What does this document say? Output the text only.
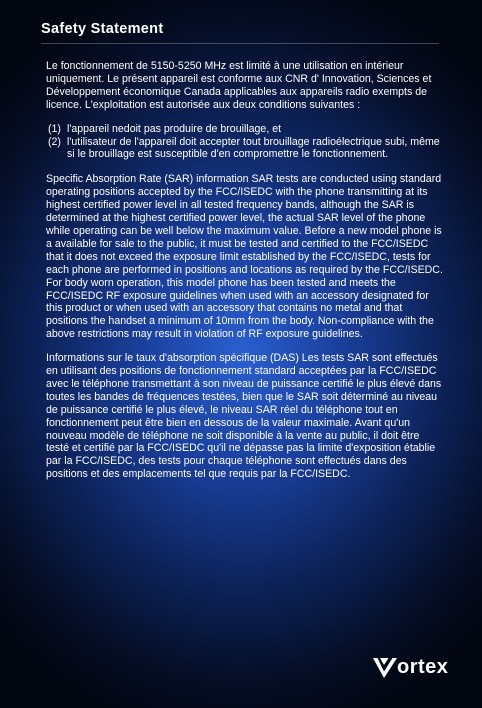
Safety Statement

Le fonctionnement de 5150-5250 MHz est limité à une utilisation en intérieur uniquement. Le présent appareil est conforme aux CNR d' Innovation, Sciences et Développement économique Canada applicables aux appareils radio exempts de licence. L'exploitation est autorisée aux deux conditions suivantes :

(1) l'appareil nedoit pas produire de brouillage, et
(2) l'utilisateur de l'appareil doit accepter tout brouillage radioélectrique subi, même si le brouillage est susceptible d'en compromettre le fonctionnement.

Specific Absorption Rate (SAR) information SAR tests are conducted using standard operating positions accepted by the FCC/ISEDC with the phone transmitting at its highest certified power level in all tested frequency bands, although the SAR is determined at the highest certified power level, the actual SAR level of the phone while operating can be well below the maximum value. Before a new model phone is a available for sale to the public, it must be tested and certified to the FCC/ISEDC that it does not exceed the exposure limit established by the FCC/ISEDC, tests for each phone are performed in positions and locations as required by the FCC/ISEDC. For body worn operation, this model phone has been tested and meets the FCC/ISEDC RF exposure guidelines when used with an accessory designated for this product or when used with an accessory that contains no metal and that positions the handset a minimum of 10mm from the body. Non-compliance with the above restrictions may result in violation of RF exposure guidelines.

Informations sur le taux d'absorption spécifique (DAS) Les tests SAR sont effectués en utilisant des positions de fonctionnement standard acceptées par la FCC/ISEDC avec le téléphone transmettant à son niveau de puissance certifié le plus élevé dans toutes les bandes de fréquences testées, bien que le SAR soit déterminé au niveau de puissance certifié le plus élevé, le niveau SAR réel du téléphone tout en fonctionnement peut être bien en dessous de la valeur maximale. Avant qu'un nouveau modèle de téléphone ne soit disponible à la vente au public, il doit être testé et certifié par la FCC/ISEDC qu'il ne dépasse pas la limite d'exposition établie par la FCC/ISEDC, des tests pour chaque téléphone sont effectués dans des positions et des emplacements tel que requis par la FCC/ISEDC.

ortex
